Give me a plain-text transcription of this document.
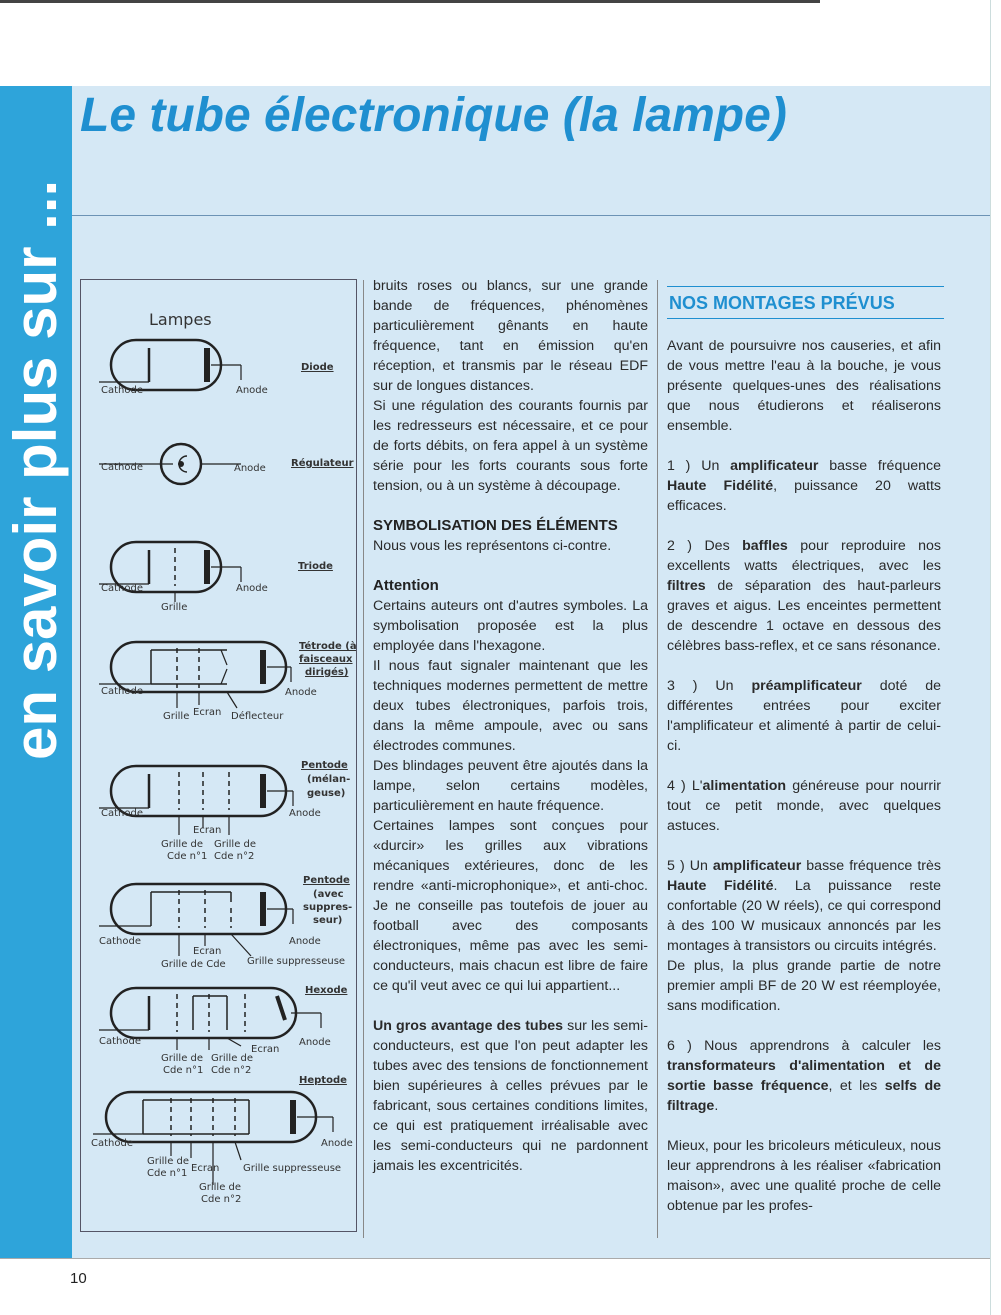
en savoir plus sur ...
Le tube électronique (la lampe)
Lampes
Cathode	Anode
Diode
Cathode	Anode	Régulateur
Cathode	Anode
Grille
Triode
Cathode	Anode
Grille Ecran Déflecteur
Tétrode (à
faisceaux
dirigés)
Cathode	Anode
Ecran
Grille de
Cde n°1
Grille de
Cde n°2
Pentode
(mélan-
geuse)
Cathode	Anode
Ecran
Grille de Cde Grille suppresseuse
Pentode
(avec
suppres-
seur)
Cathode	Anode
Ecran
Grille de
Cde n°1
Grille de
Cde n°2
Hexode
Cathode	Anode
Grille de
Cde n°1 Ecran Grille suppresseuse
Grille de
Cde n°2
Heptode

bruits roses ou blancs, sur une grande bande de fréquences, phénomènes particulièrement gênants en haute fréquence, tant en émission qu'en réception, et transmis par le réseau EDF sur de longues distances.

Si une régulation des courants fournis par les redresseurs est nécessaire, et ce pour de forts débits, on fera appel à un système série pour les forts courants sous forte tension, ou à un système à découpage.

SYMBOLISATION DES ÉLÉMENTS

Nous vous les représentons ci-contre.

Attention

Certains auteurs ont d'autres symboles. La symbolisation proposée est la plus employée dans l'hexagone.

Il nous faut signaler maintenant que les techniques modernes permettent de mettre deux tubes électroniques, parfois trois, dans la même ampoule, avec ou sans électrodes communes.

Des blindages peuvent être ajoutés dans la lampe, selon certains modèles, particulièrement en haute fréquence.

Certaines lampes sont conçues pour «durcir» les grilles aux vibrations mécaniques extérieures, donc de les rendre «anti-microphonique», et anti-choc. Je ne conseille pas toutefois de jouer au football avec des composants électroniques, même pas avec les semi-conducteurs, mais chacun est libre de faire ce qu'il veut avec ce qui lui appartient...

Un gros avantage des tubes sur les semi-conducteurs, est que l'on peut adapter les tubes avec des tensions de fonctionnement bien supérieures à celles prévues par le fabricant, sous certaines conditions limites, ce qui est pratiquement irréalisable avec les semi-conducteurs qui ne pardonnent jamais les excentricités.

NOS MONTAGES PRÉVUS

Avant de poursuivre nos causeries, et afin de vous mettre l'eau à la bouche, je vous présente quelques-unes des réalisations que nous étudierons et réaliserons ensemble.

1 ) Un amplificateur basse fréquence Haute Fidélité, puissance 20 watts efficaces.

2 ) Des baffles pour reproduire nos excellents watts électriques, avec les filtres de séparation des haut-parleurs graves et aigus. Les enceintes permettent de descendre 1 octave en dessous des célèbres bass-reflex, et ce sans résonance.

3 ) Un préamplificateur doté de différentes entrées pour exciter l'amplificateur et alimenté à partir de celui-ci.

4 ) L'alimentation généreuse pour nourrir tout ce petit monde, avec quelques astuces.

5 ) Un amplificateur basse fréquence très Haute Fidélité. La puissance reste confortable (20 W réels), ce qui correspond à des 100 W musicaux annoncés par les montages à transistors ou circuits intégrés.

De plus, la plus grande partie de notre premier ampli BF de 20 W est réemployée, sans modification.

6 ) Nous apprendrons à calculer les transformateurs d'alimentation et de sortie basse fréquence, et les selfs de filtrage.

Mieux, pour les bricoleurs méticuleux, nous leur apprendrons à les réaliser «fabrication maison», avec une qualité proche de celle obtenue par les profes-

10
